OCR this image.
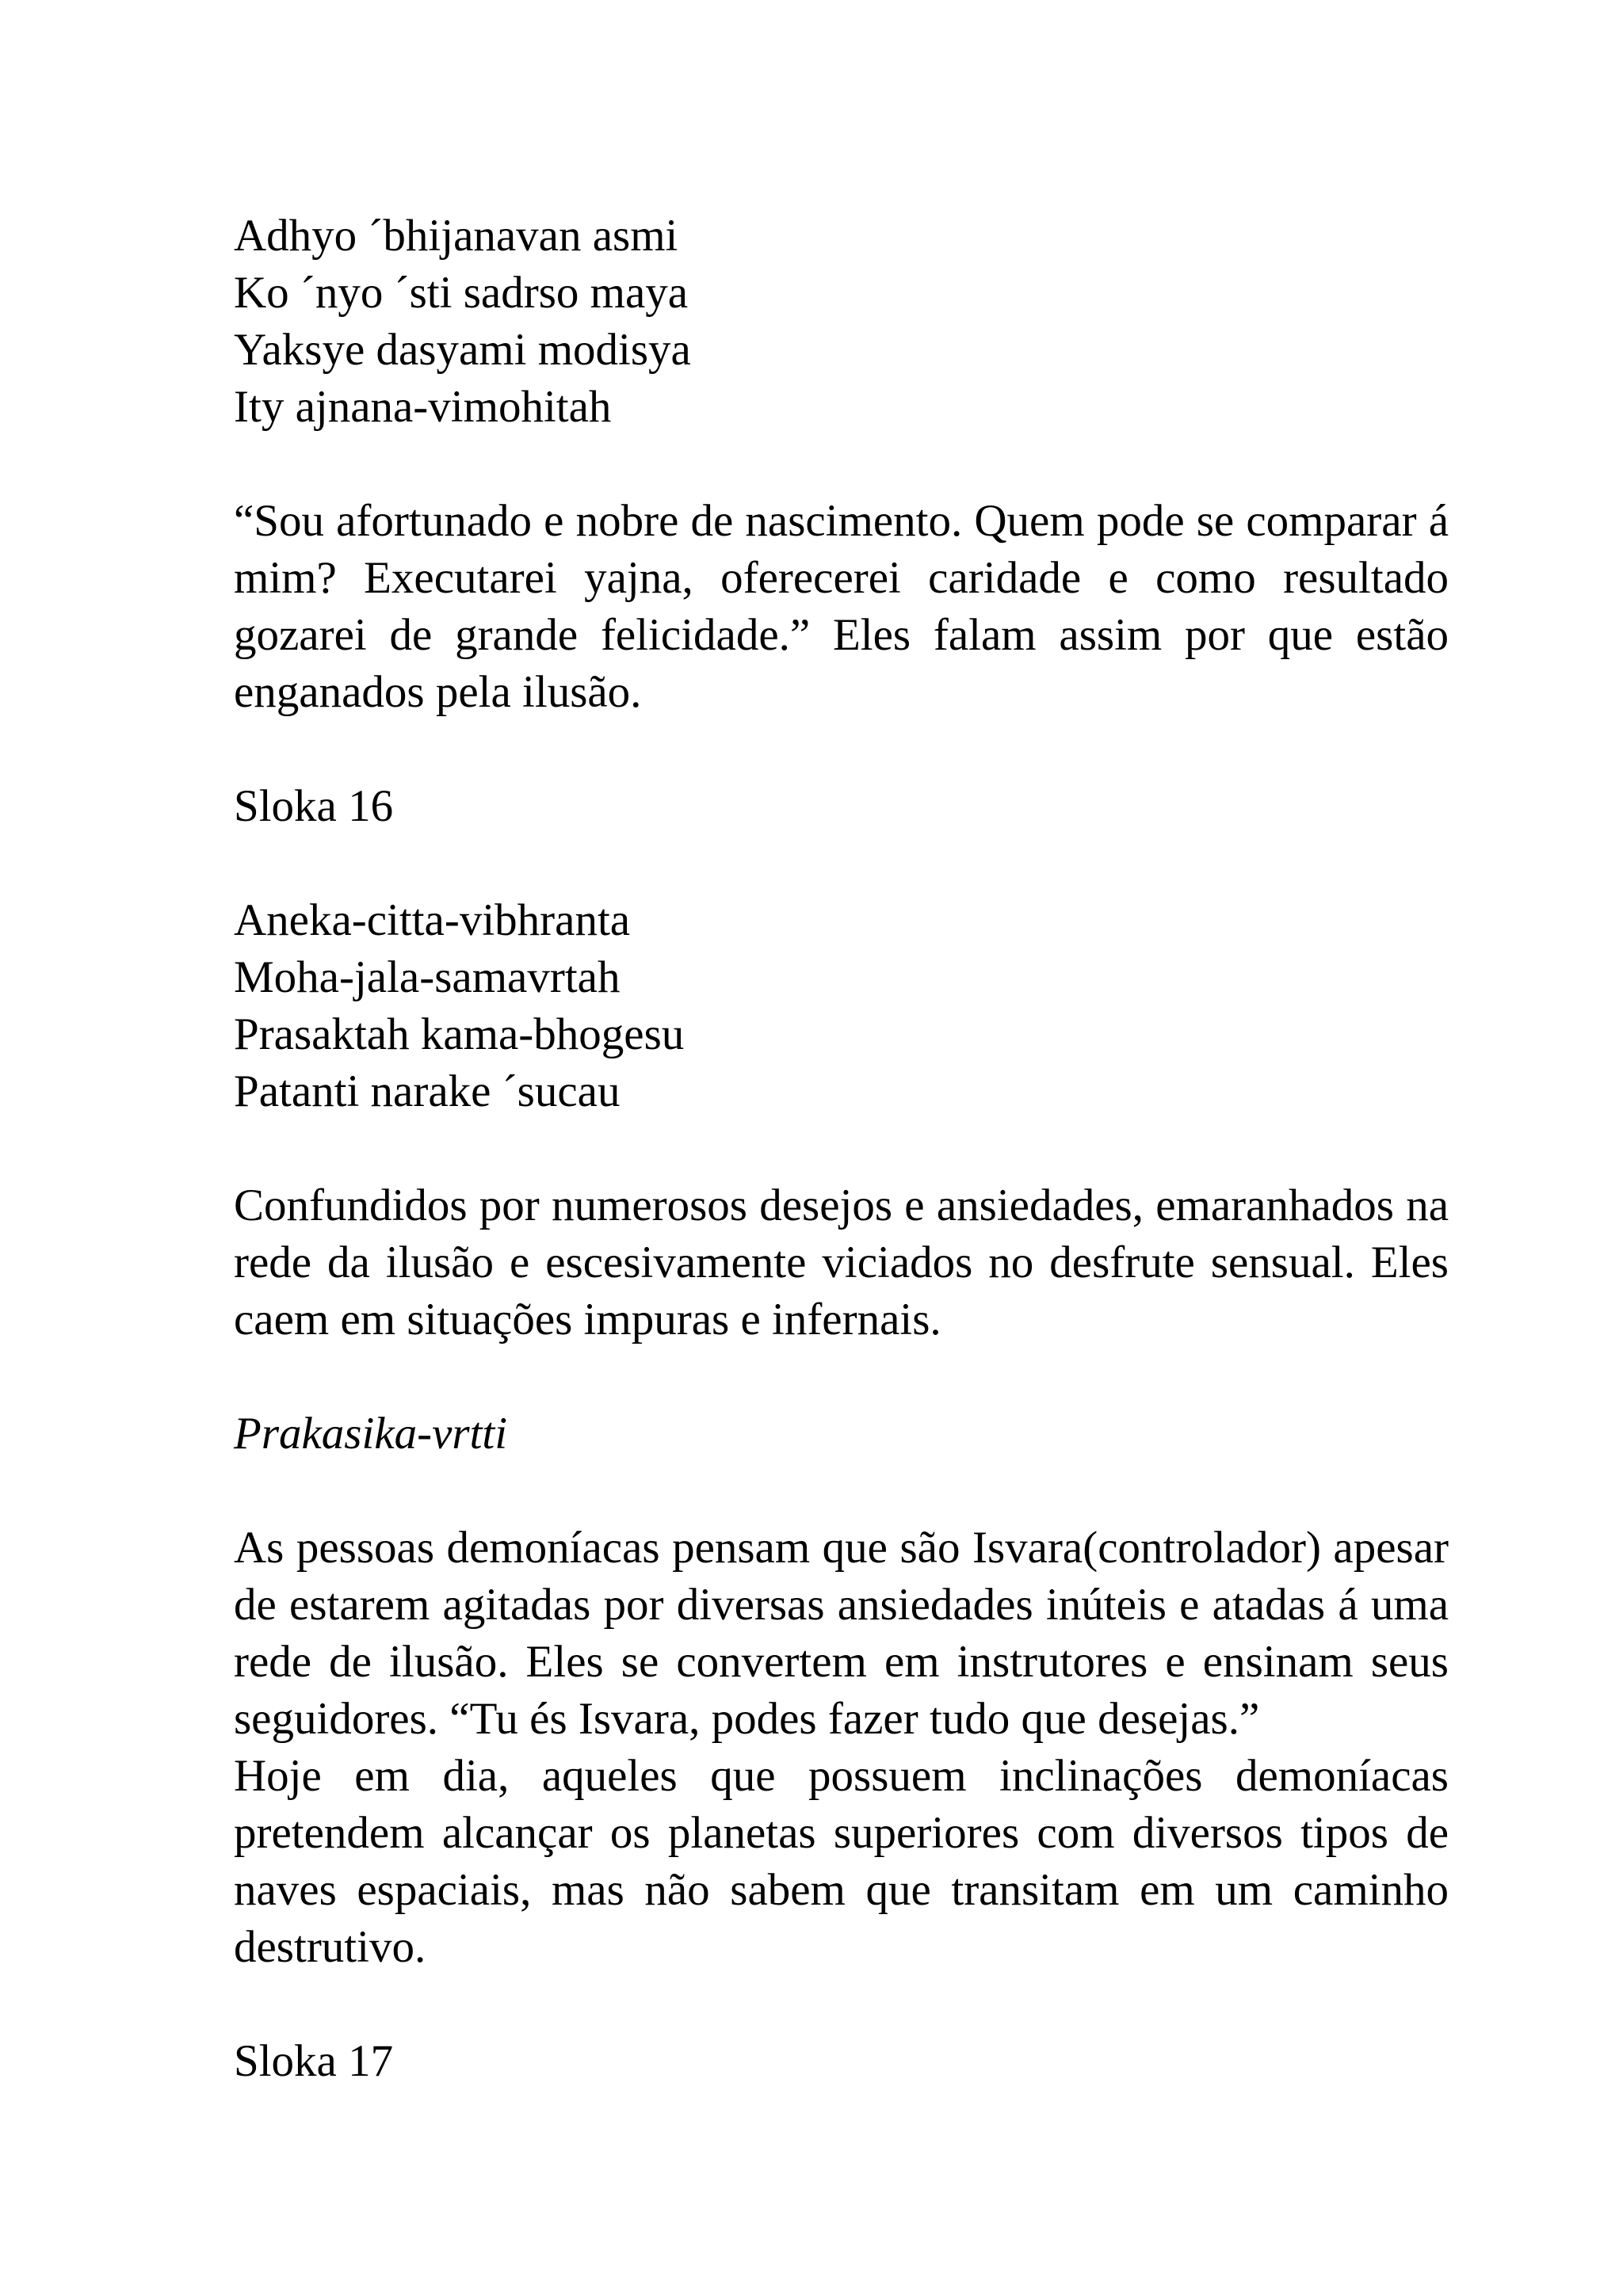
Adhyo ´bhijanavan asmi
Ko ´nyo ´sti sadrso maya
Yaksye dasyami modisya
Ity ajnana-vimohitah

“Sou afortunado e nobre de nascimento. Quem pode se comparar á mim? Executarei yajna, oferecerei caridade e como resultado gozarei de grande felicidade.” Eles falam assim por que estão enganados pela ilusão.

Sloka 16

Aneka-citta-vibhranta
Moha-jala-samavrtah
Prasaktah kama-bhogesu
Patanti narake ´sucau

Confundidos por numerosos desejos e ansiedades, emaranhados na rede da ilusão e escesivamente viciados no desfrute sensual. Eles caem em situações impuras e infernais.

Prakasika-vrtti

As pessoas demoníacas pensam que são Isvara(controlador) apesar de estarem agitadas por diversas ansiedades inúteis e atadas á uma rede de ilusão. Eles se convertem em instrutores e ensinam seus seguidores. “Tu és Isvara, podes fazer tudo que desejas.”

Hoje em dia, aqueles que possuem inclinações demoníacas pretendem alcançar os planetas superiores com diversos tipos de naves espaciais, mas não sabem que transitam em um caminho destrutivo.

Sloka 17
